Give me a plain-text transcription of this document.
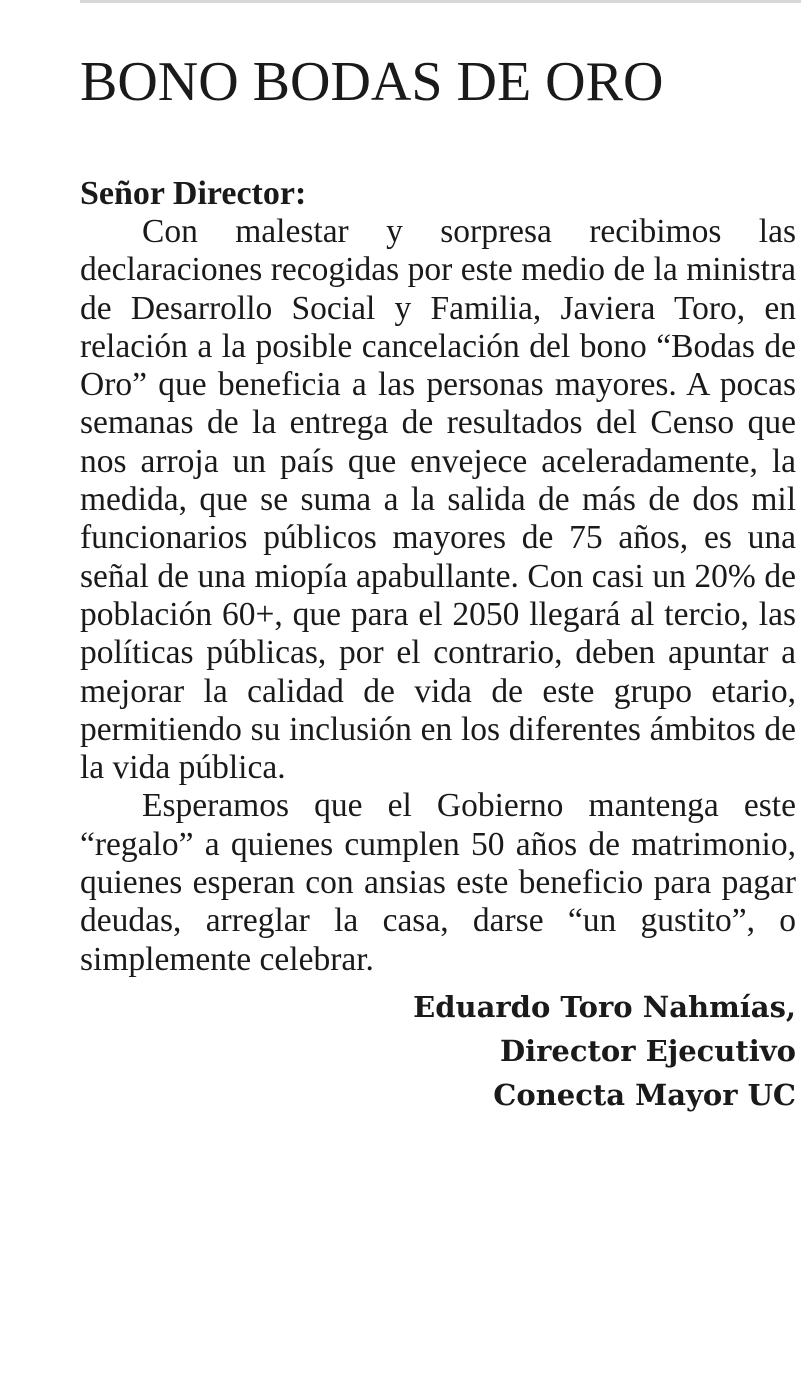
BONO BODAS DE ORO
Señor Director:

Con malestar y sorpresa recibimos las declaraciones recogidas por este medio de la ministra de Desarrollo Social y Familia, Javiera Toro, en relación a la posible cancelación del bono “Bodas de Oro” que beneficia a las personas mayores. A pocas semanas de la entrega de resultados del Censo que nos arroja un país que envejece aceleradamente, la medida, que se suma a la salida de más de dos mil funcionarios públicos mayores de 75 años, es una señal de una miopía apabullante. Con casi un 20% de población 60+, que para el 2050 llegará al tercio, las políticas públicas, por el contrario, deben apuntar a mejorar la calidad de vida de este grupo etario, permitiendo su inclusión en los diferentes ámbitos de la vida pública.

Esperamos que el Gobierno mantenga este “regalo” a quienes cumplen 50 años de matrimonio, quienes esperan con ansias este beneficio para pagar deudas, arreglar la casa, darse “un gustito”, o simplemente celebrar.

Eduardo Toro Nahmías,
Director Ejecutivo
Conecta Mayor UC
